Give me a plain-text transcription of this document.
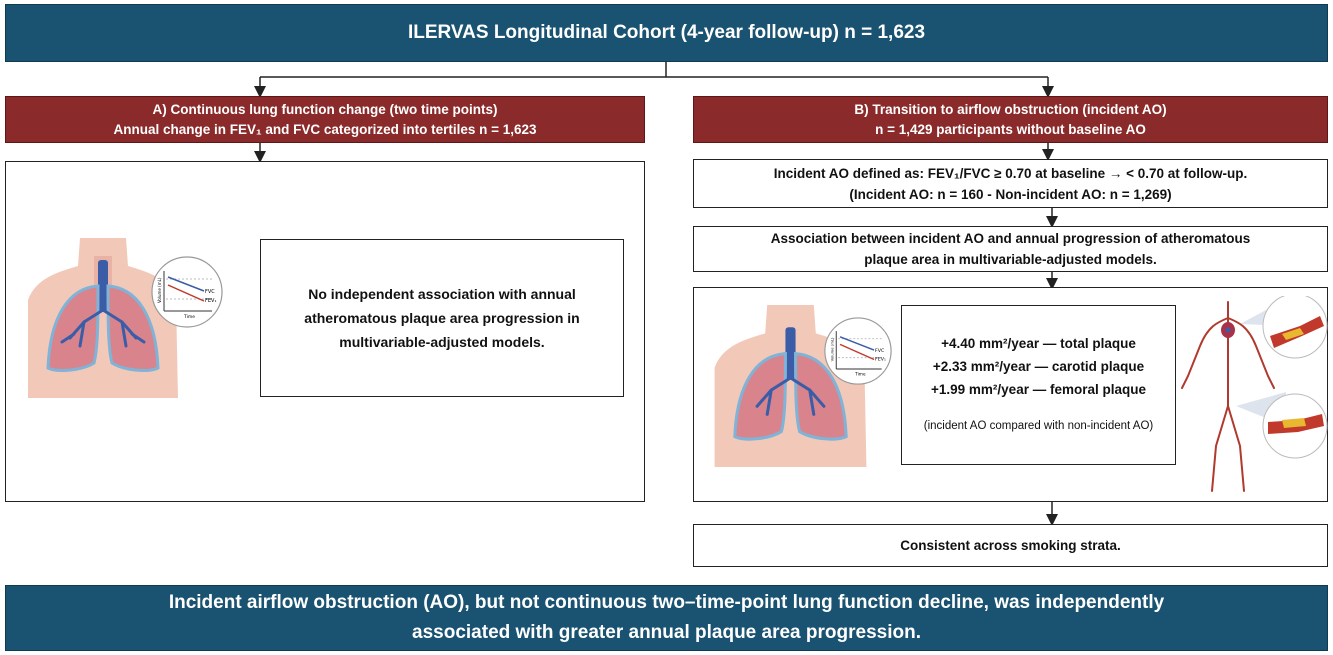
ILERVAS Longitudinal Cohort (4-year follow-up) n = 1,623
A) Continuous lung function change (two time points)
Annual change in FEV₁ and FVC categorized into tertiles n = 1,623
B) Transition to airflow obstruction (incident AO)
n = 1,429 participants without baseline AO
FVC
FEV₁
Time
Volume (mL)	No independent association with annual
atheromatous plaque area progression in
multivariable-adjusted models.
Incident AO defined as: FEV₁/FVC ≥ 0.70 at baseline → < 0.70 at follow-up.
(Incident AO: n = 160 - Non-incident AO: n = 1,269)
Association between incident AO and annual progression of atheromatous
plaque area in multivariable-adjusted models.
FVC
FEV₁
Time
Volume (mL)	+4.40 mm²/year — total plaque
+2.33 mm²/year — carotid plaque
+1.99 mm²/year — femoral plaque
(incident AO compared with non-incident AO)
Consistent across smoking strata.
Incident airflow obstruction (AO), but not continuous two–time-point lung function decline, was independently
associated with greater annual plaque area progression.
